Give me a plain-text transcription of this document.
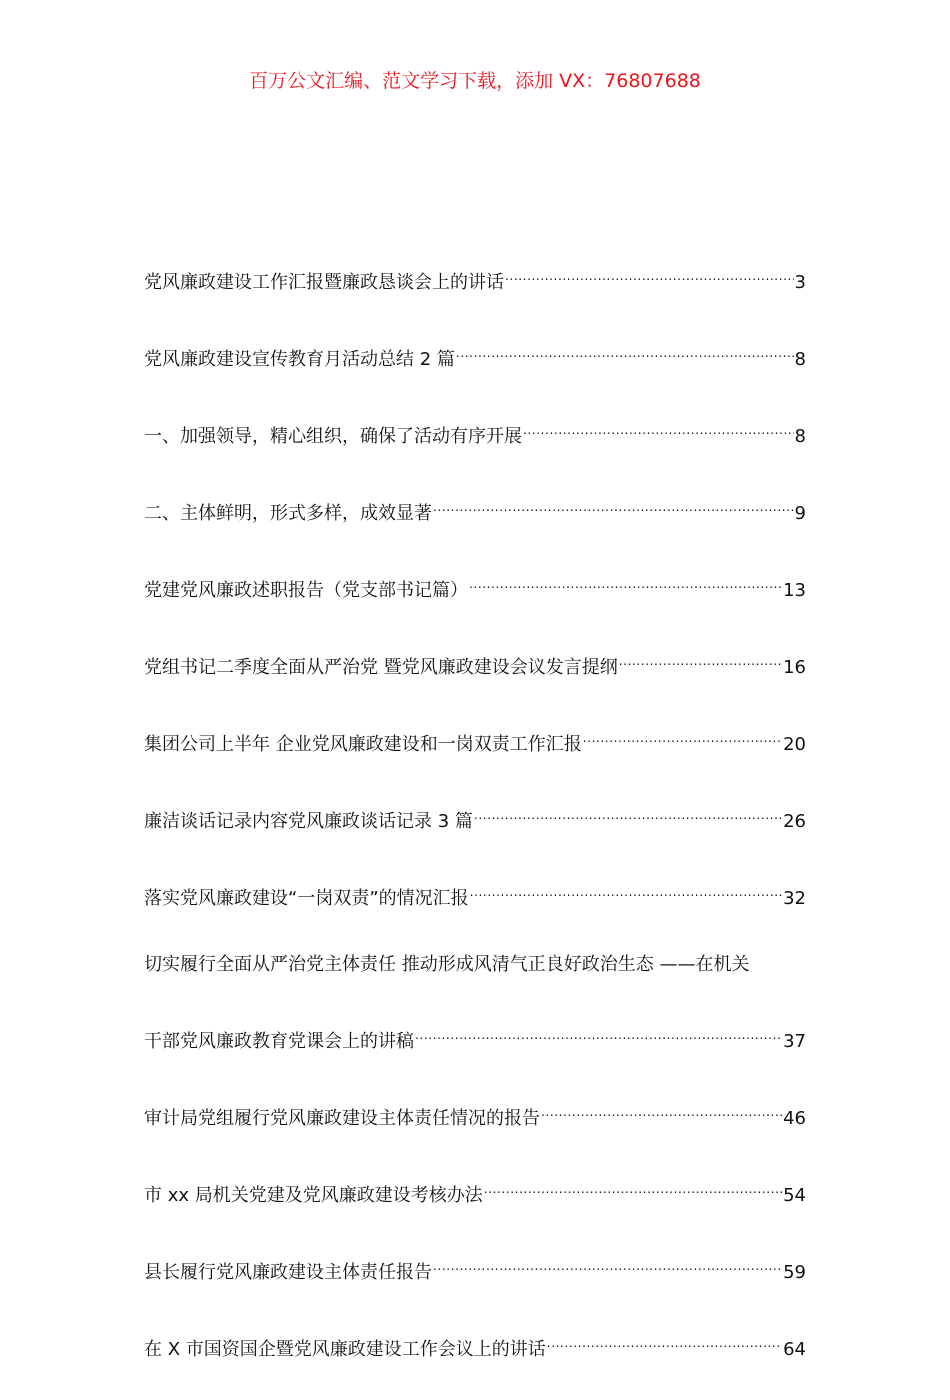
百万公文汇编、范文学习下载，添加 VX：76807688
党风廉政建设工作汇报暨廉政恳谈会上的讲话 .....	3
党风廉政建设宣传教育月活动总结 2 篇 .....	8
一、加强领导，精心组织，确保了活动有序开展 .....	8
二、主体鲜明，形式多样，成效显著 .....	9
党建党风廉政述职报告（党支部书记篇） .....	13
党组书记二季度全面从严治党 暨党风廉政建设会议发言提纲 .....	16
集团公司上半年 企业党风廉政建设和一岗双责工作汇报 .....	20
廉洁谈话记录内容党风廉政谈话记录 3 篇 .....	26
落实党风廉政建设“一岗双责”的情况汇报 .....	32
切实履行全面从严治党主体责任 推动形成风清气正良好政治生态 ——在机关
干部党风廉政教育党课会上的讲稿 .....	37
审计局党组履行党风廉政建设主体责任情况的报告 .....	46
市 xx 局机关党建及党风廉政建设考核办法 .....	54
县长履行党风廉政建设主体责任报告 .....	59
在 X 市国资国企暨党风廉政建设工作会议上的讲话 .....	64
